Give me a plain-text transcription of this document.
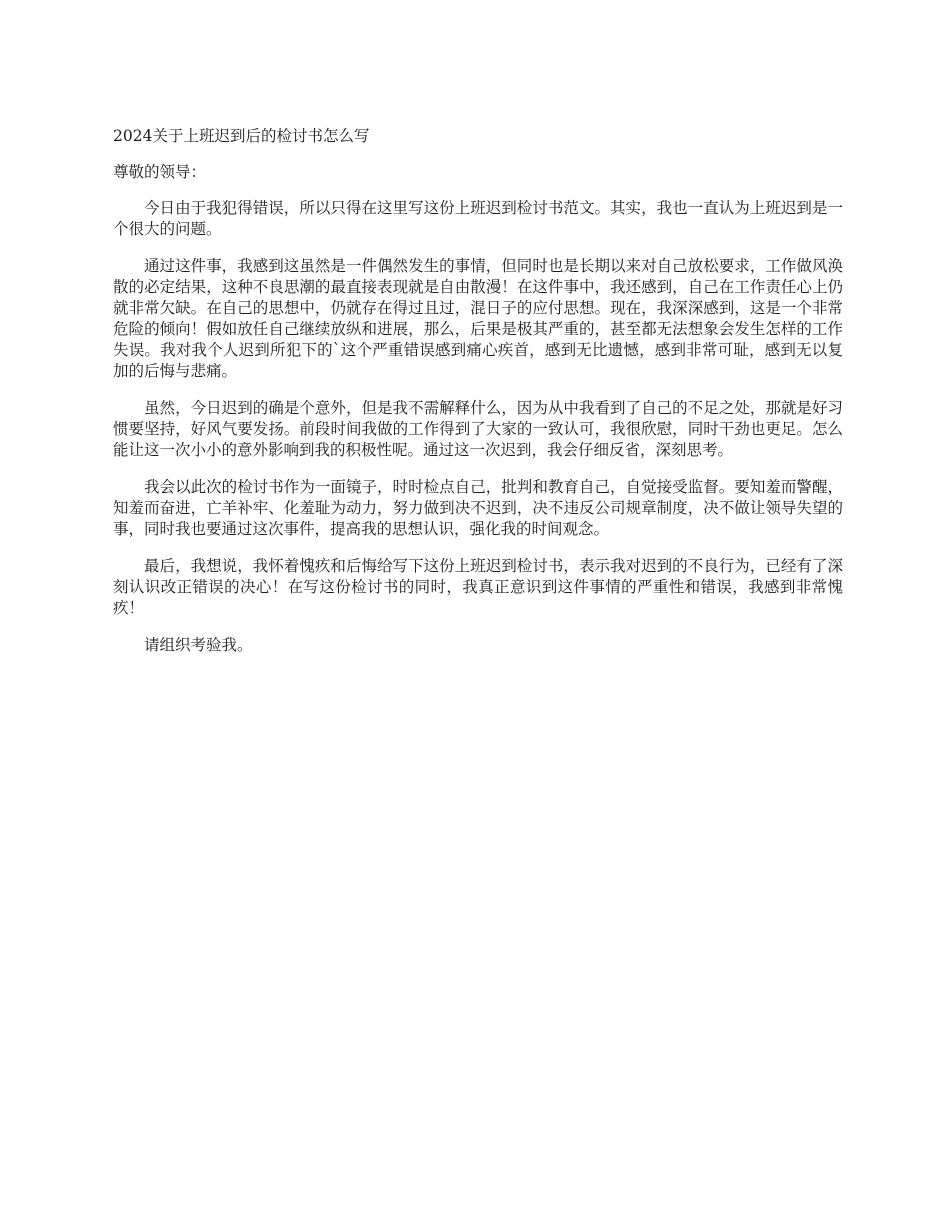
2024关于上班迟到后的检讨书怎么写
尊敬的领导：

今日由于我犯得错误，所以只得在这里写这份上班迟到检讨书范文。其实，我也一直认为上班迟到是一个很大的问题。

通过这件事，我感到这虽然是一件偶然发生的事情，但同时也是长期以来对自己放松要求，工作做风涣散的必定结果，这种不良思潮的最直接表现就是自由散漫！在这件事中，我还感到，自己在工作责任心上仍就非常欠缺。在自己的思想中，仍就存在得过且过，混日子的应付思想。现在，我深深感到，这是一个非常危险的倾向！假如放任自己继续放纵和进展，那么，后果是极其严重的，甚至都无法想象会发生怎样的工作失误。我对我个人迟到所犯下的`这个严重错误感到痛心疾首，感到无比遗憾，感到非常可耻，感到无以复加的后悔与悲痛。

虽然，今日迟到的确是个意外，但是我不需解释什么，因为从中我看到了自己的不足之处，那就是好习惯要坚持，好风气要发扬。前段时间我做的工作得到了大家的一致认可，我很欣慰，同时干劲也更足。怎么能让这一次小小的意外影响到我的积极性呢。通过这一次迟到，我会仔细反省，深刻思考。

我会以此次的检讨书作为一面镜子，时时检点自己，批判和教育自己，自觉接受监督。要知羞而警醒，知羞而奋进，亡羊补牢、化羞耻为动力，努力做到决不迟到，决不违反公司规章制度，决不做让领导失望的事，同时我也要通过这次事件，提高我的思想认识，强化我的时间观念。

最后，我想说，我怀着愧疚和后悔给写下这份上班迟到检讨书，表示我对迟到的不良行为，已经有了深刻认识改正错误的决心！在写这份检讨书的同时，我真正意识到这件事情的严重性和错误，我感到非常愧疚！

请组织考验我。
